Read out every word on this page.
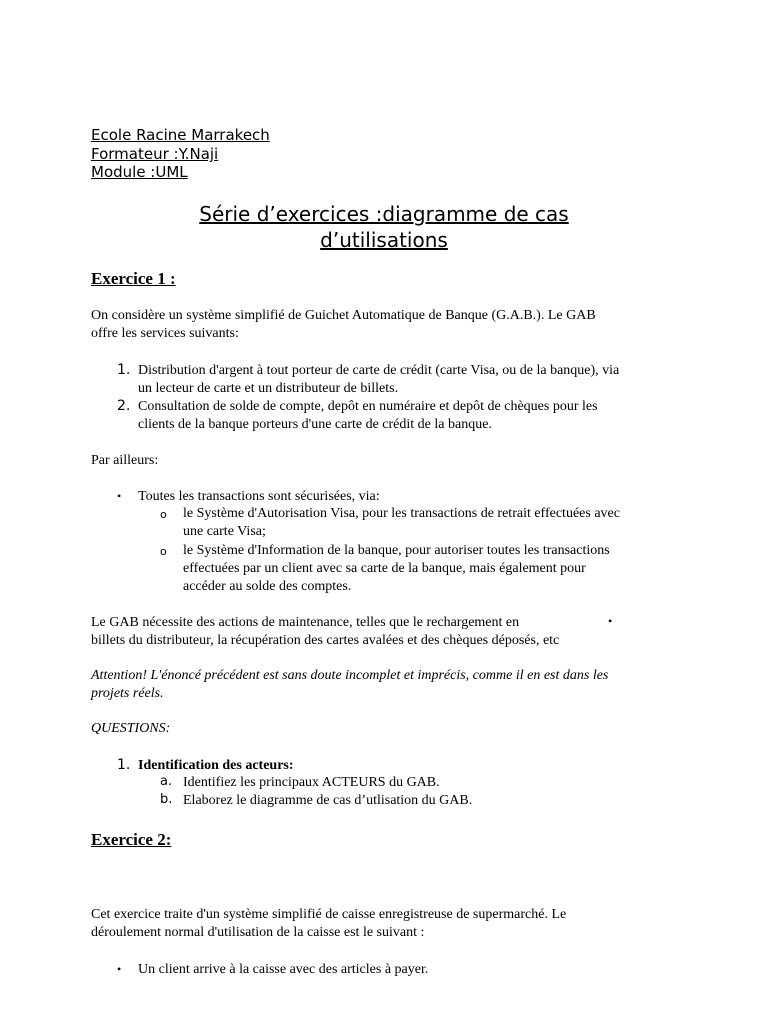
Ecole Racine Marrakech
Formateur :Y.Naji
Module :UML
Série d’exercices :diagramme de cas
d’utilisations
Exercice 1 :
On considère un système simplifié de Guichet Automatique de Banque (G.A.B.). Le GAB
offre les services suivants:
1. Distribution d'argent à tout porteur de carte de crédit (carte Visa, ou de la banque), via
un lecteur de carte et un distributeur de billets.
2. Consultation de solde de compte, depôt en numéraire et depôt de chèques pour les
clients de la banque porteurs d'une carte de crédit de la banque.
Par ailleurs:
• Toutes les transactions sont sécurisées, via:
o le Système d'Autorisation Visa, pour les transactions de retrait effectuées avec
une carte Visa;
o le Système d'Information de la banque, pour autoriser toutes les transactions
effectuées par un client avec sa carte de la banque, mais également pour
accéder au solde des comptes.
Le GAB nécessite des actions de maintenance, telles que le rechargement en	•
billets du distributeur, la récupération des cartes avalées et des chèques déposés, etc
Attention! L'énoncé précédent est sans doute incomplet et imprécis, comme il en est dans les
projets réels.
QUESTIONS:
1. Identification des acteurs:
a. Identifiez les principaux ACTEURS du GAB.
b. Elaborez le diagramme de cas d’utlisation du GAB.
Exercice 2:
Cet exercice traite d'un système simplifié de caisse enregistreuse de supermarché. Le
déroulement normal d'utilisation de la caisse est le suivant :
• Un client arrive à la caisse avec des articles à payer.
